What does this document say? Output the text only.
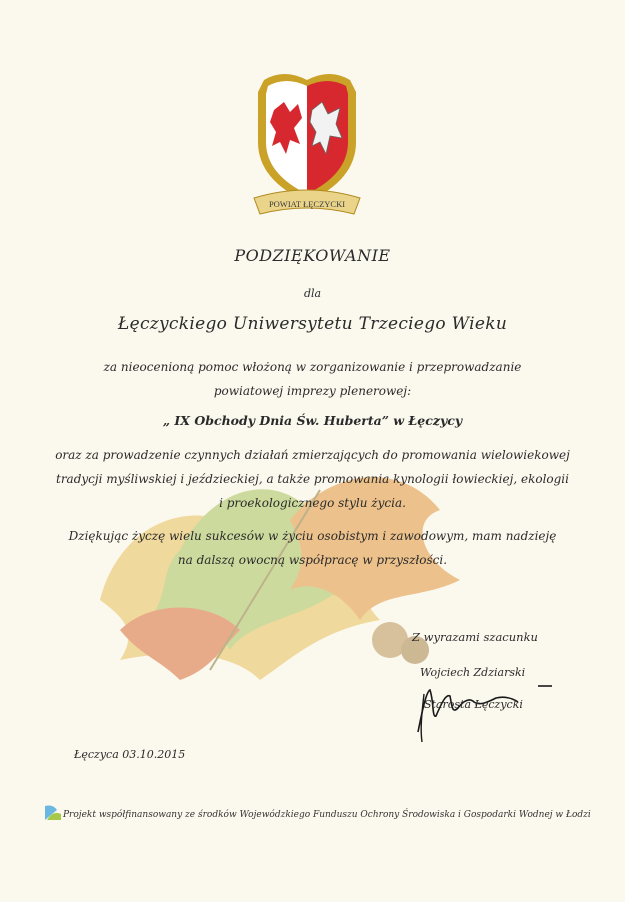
POWIAT ŁĘCZYCKI
PODZIĘKOWANIE
dla
Łęczyckiego Uniwersytetu Trzeciego Wieku
za nieocenioną pomoc włożoną w zorganizowanie i przeprowadzanie
powiatowej imprezy plenerowej:
„ IX Obchody Dnia Św. Huberta” w Łęczycy
oraz za prowadzenie czynnych działań zmierzających do promowania wielowiekowej
tradycji myśliwskiej i jeździeckiej, a także promowania kynologii łowieckiej, ekologii
i proekologicznego stylu życia.
Dziękując życzę wielu sukcesów w życiu osobistym i zawodowym, mam nadzieję
na dalszą owocną współpracę w przyszłości.
Z wyrazami szacunku
Wojciech Zdziarski
Starosta Łęczycki
Łęczyca 03.10.2015
Projekt współfinansowany ze środków Wojewódzkiego Funduszu Ochrony Środowiska i Gospodarki Wodnej w Łodzi
